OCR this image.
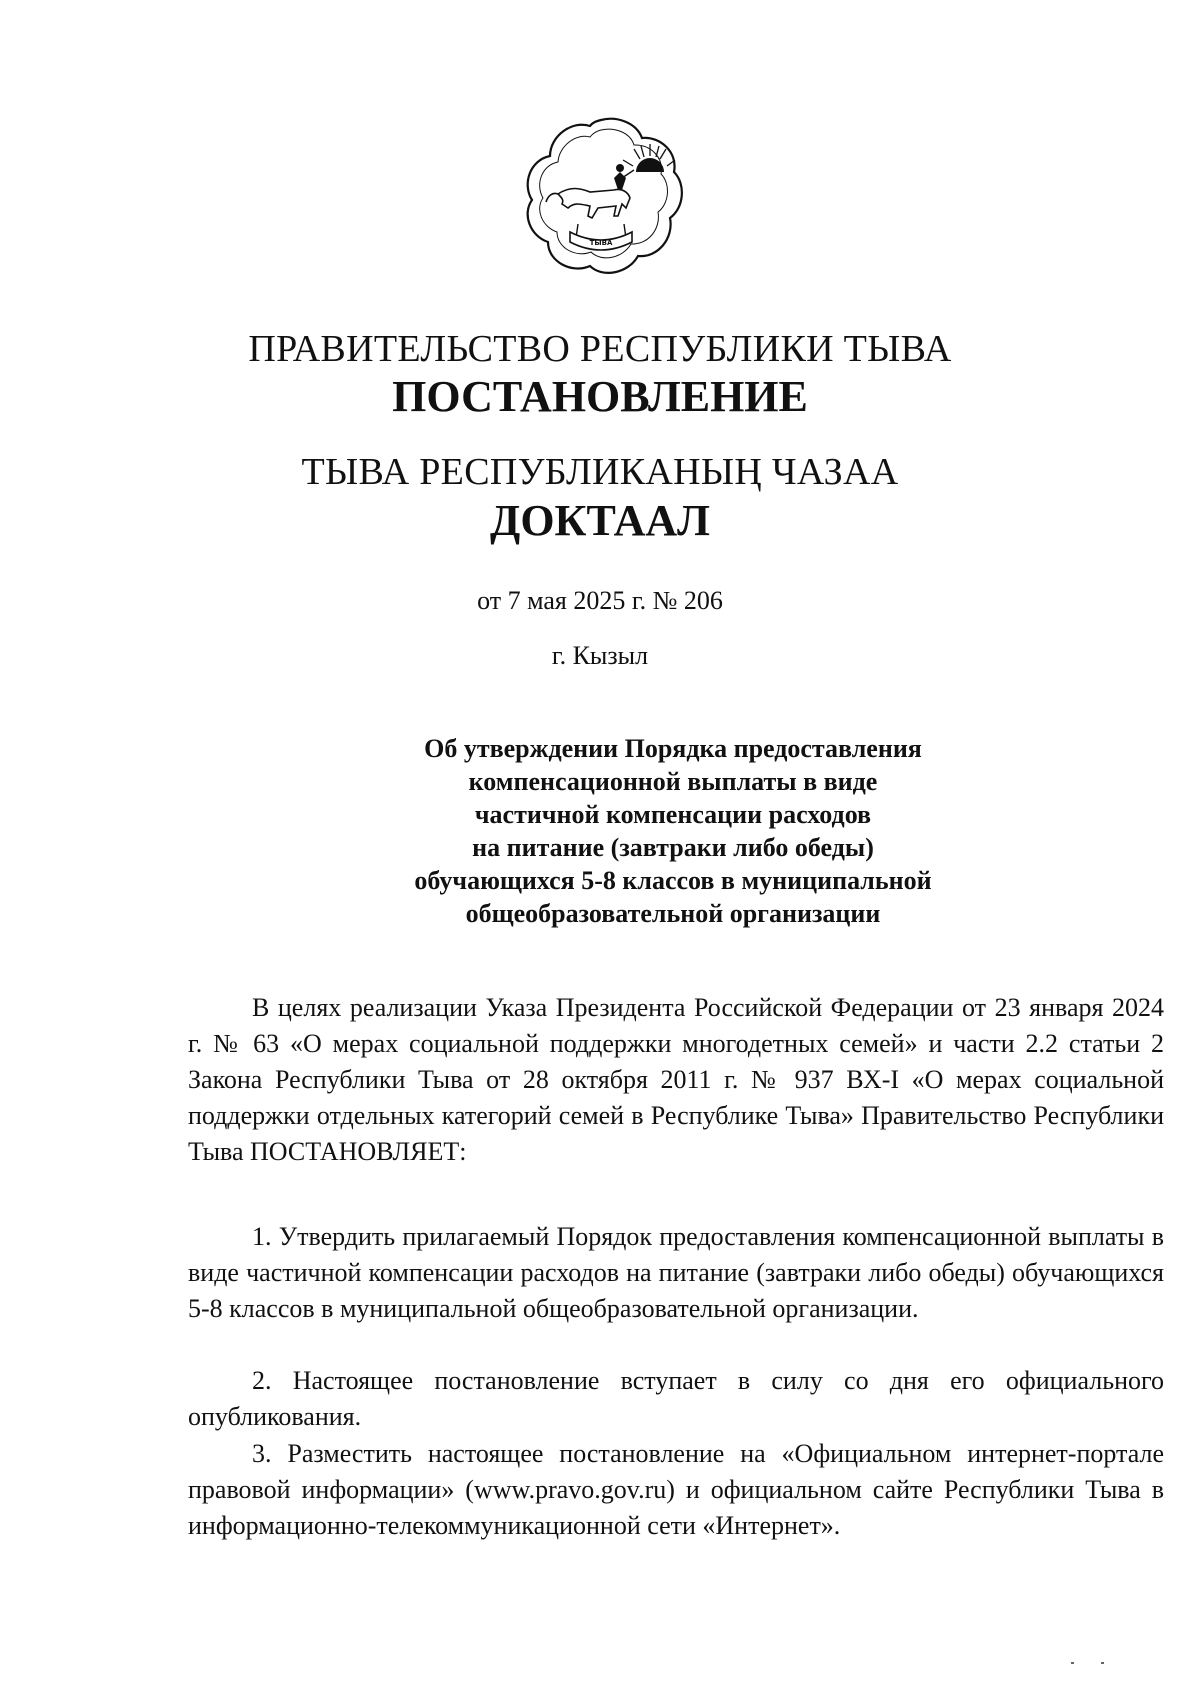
ТЫВА
ПРАВИТЕЛЬСТВО РЕСПУБЛИКИ ТЫВА
ПОСТАНОВЛЕНИЕ
ТЫВА РЕСПУБЛИКАНЫҢ ЧАЗАА
ДОКТААЛ
от 7 мая 2025 г. № 206
г. Кызыл
Об утверждении Порядка предоставления
компенсационной выплаты в виде
частичной компенсации расходов
на питание (завтраки либо обеды)
обучающихся 5-8 классов в муниципальной
общеобразовательной организации

В целях реализации Указа Президента Российской Федерации от 23 января 2024 г. № 63 «О мерах социальной поддержки многодетных семей» и части 2.2 статьи 2 Закона Республики Тыва от 28 октября 2011 г. № 937 ВХ-I «О мерах социальной поддержки отдельных категорий семей в Республике Тыва» Правительство Республики Тыва ПОСТАНОВЛЯЕТ:

1. Утвердить прилагаемый Порядок предоставления компенсационной выплаты в виде частичной компенсации расходов на питание (завтраки либо обеды) обучающихся 5-8 классов в муниципальной общеобразовательной организации.

2. Настоящее постановление вступает в силу со дня его официального опубликования.

3. Разместить настоящее постановление на «Официальном интернет-портале правовой информации» (www.pravo.gov.ru) и официальном сайте Республики Тыва в информационно-телекоммуникационной сети «Интернет».
